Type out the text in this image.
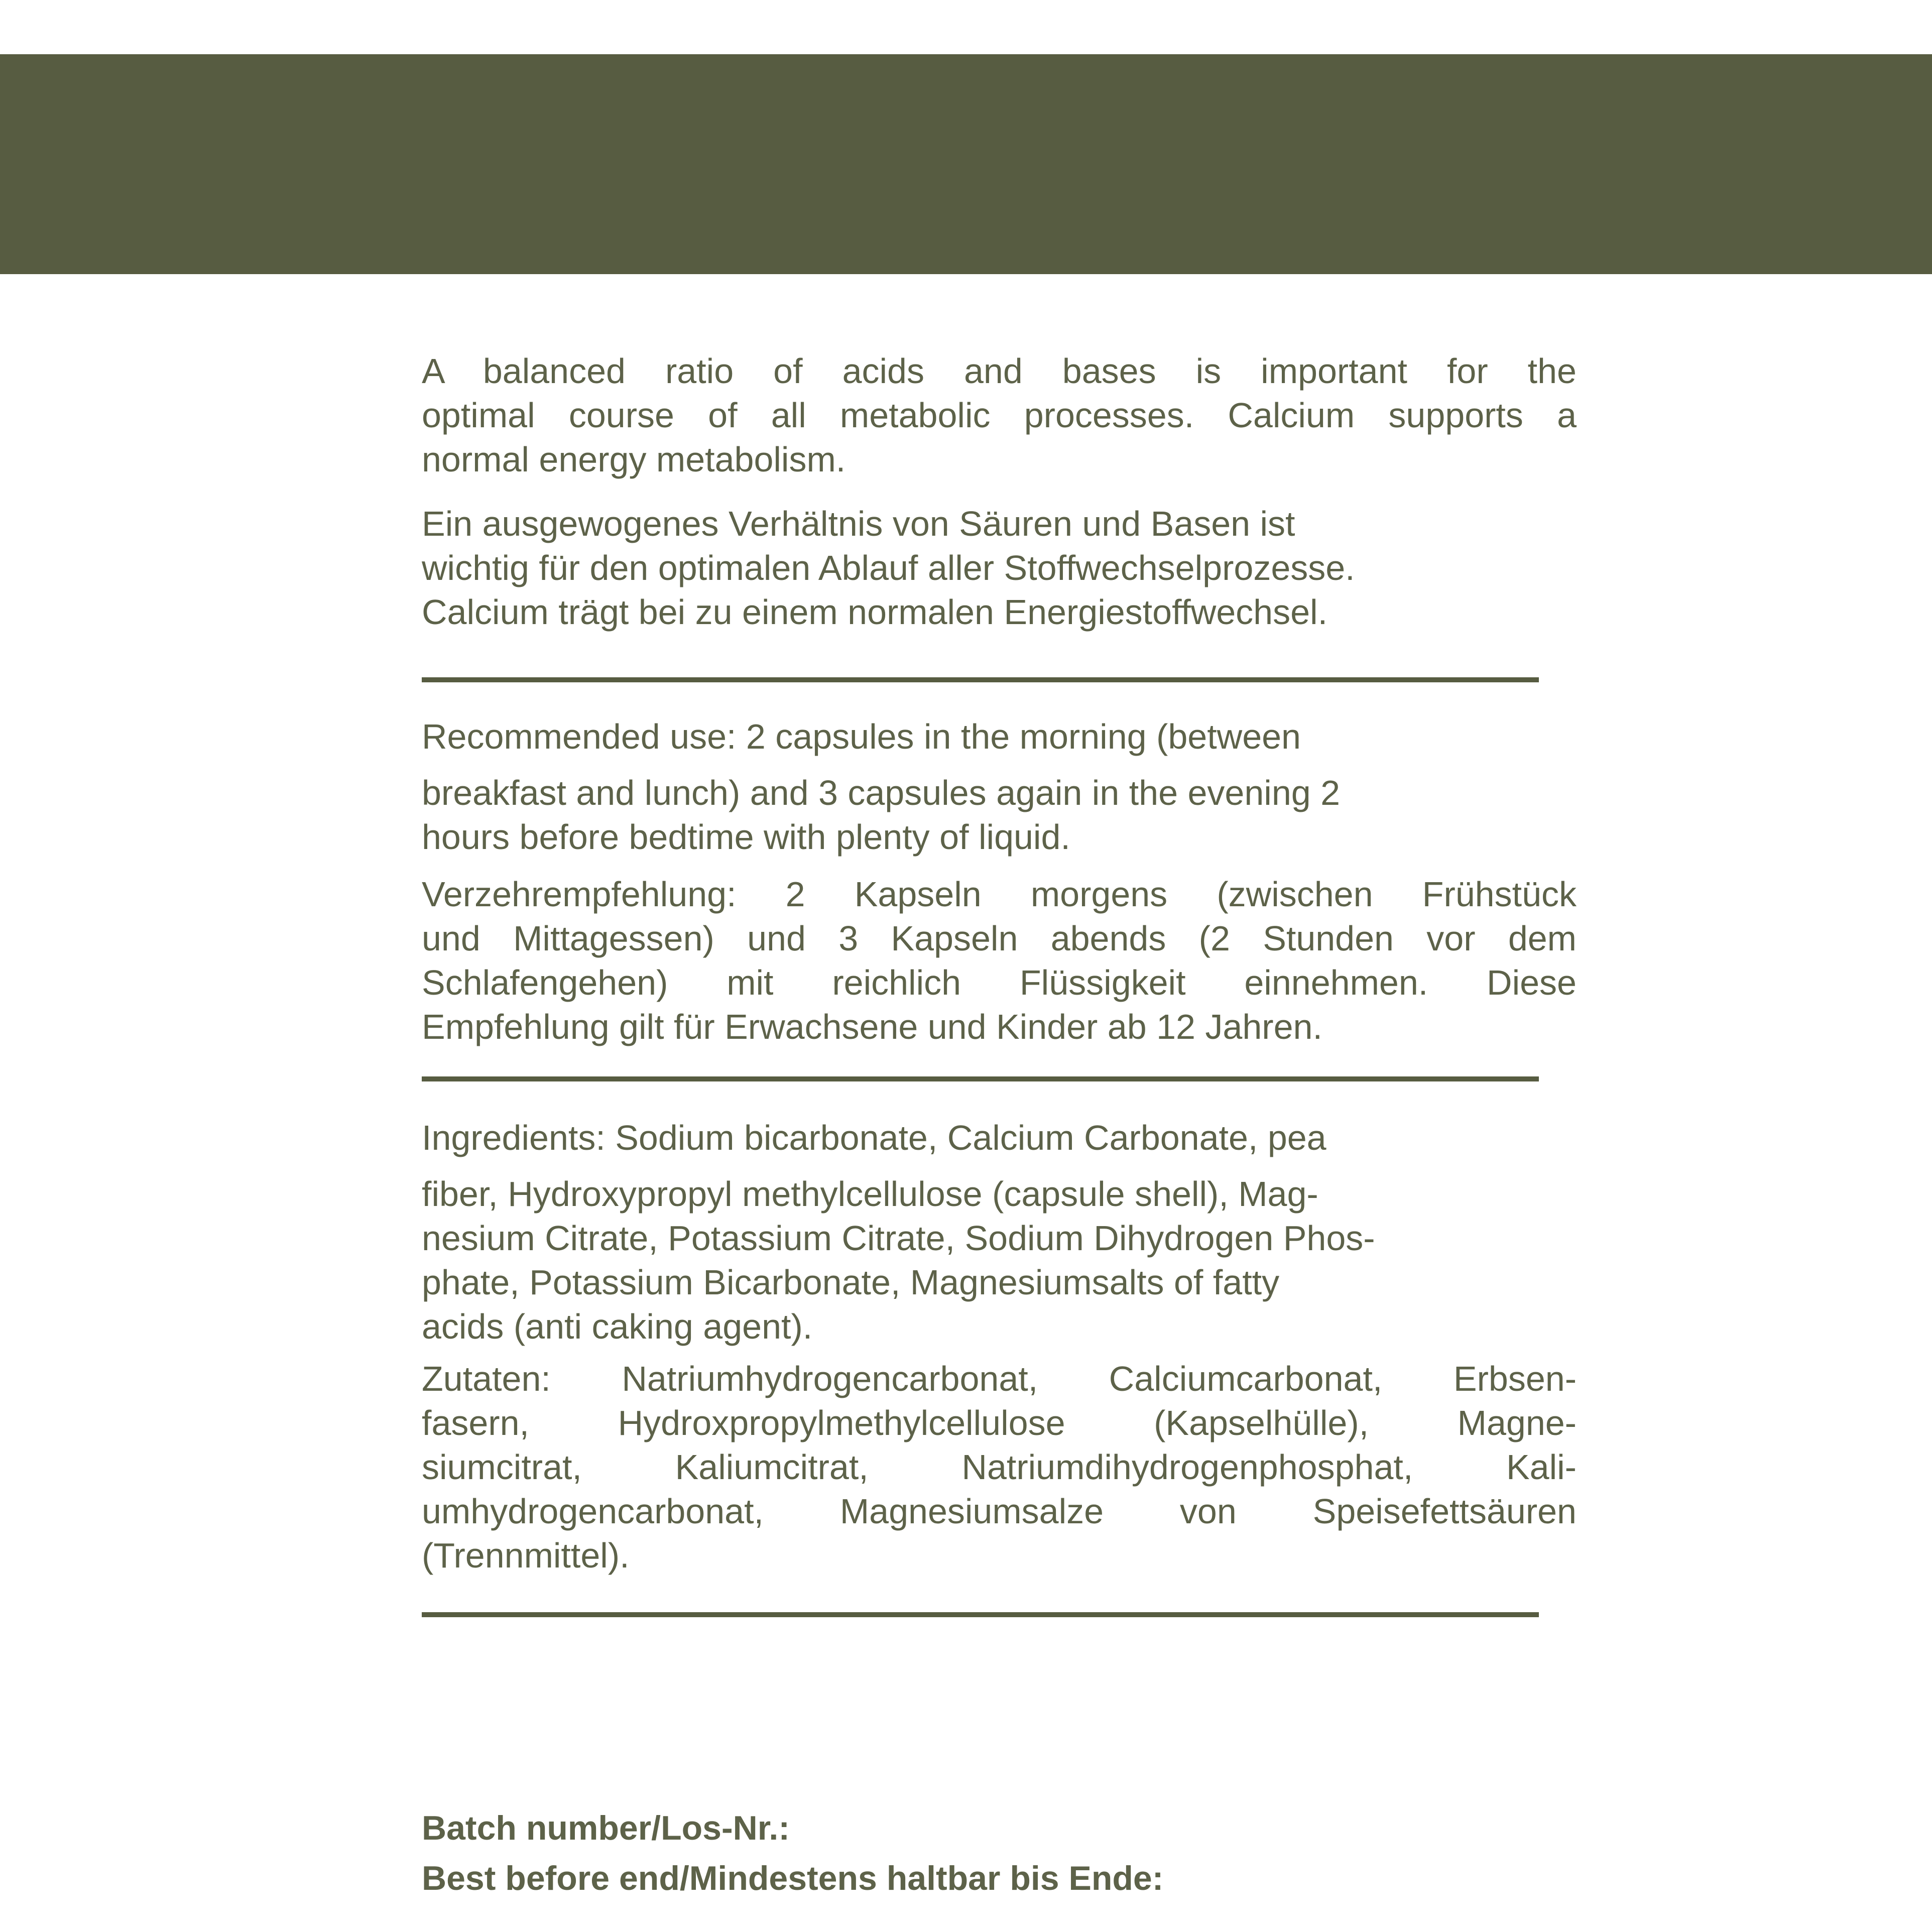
A balanced ratio of acids and bases is important for the
optimal course of all metabolic processes. Calcium supports a
normal energy metabolism.
Ein ausgewogenes Verhältnis von Säuren und Basen ist
wichtig für den optimalen Ablauf aller Stoffwechselprozesse.
Calcium trägt bei zu einem normalen Energiestoffwechsel.
Recommended use: 2 capsules in the morning (between
breakfast and lunch) and 3 capsules again in the evening 2
hours before bedtime with plenty of liquid.
Verzehrempfehlung: 2 Kapseln morgens (zwischen Frühstück
und Mittagessen) und 3 Kapseln abends (2 Stunden vor dem
Schlafengehen) mit reichlich Flüssigkeit einnehmen. Diese
Empfehlung gilt für Erwachsene und Kinder ab 12 Jahren.
Ingredients: Sodium bicarbonate, Calcium Carbonate, pea
fiber, Hydroxypropyl methylcellulose (capsule shell), Mag-
nesium Citrate, Potassium Citrate, Sodium Dihydrogen Phos-
phate, Potassium Bicarbonate, Magnesiumsalts of fatty
acids (anti caking agent).
Zutaten: Natriumhydrogencarbonat, Calciumcarbonat, Erbsen-
fasern, Hydroxpropylmethylcellulose (Kapselhülle), Magne-
siumcitrat, Kaliumcitrat, Natriumdihydrogenphosphat, Kali-
umhydrogencarbonat, Magnesiumsalze von Speisefettsäuren
(Trennmittel).
Batch number/Los-Nr.:
Best before end/Mindestens haltbar bis Ende:
